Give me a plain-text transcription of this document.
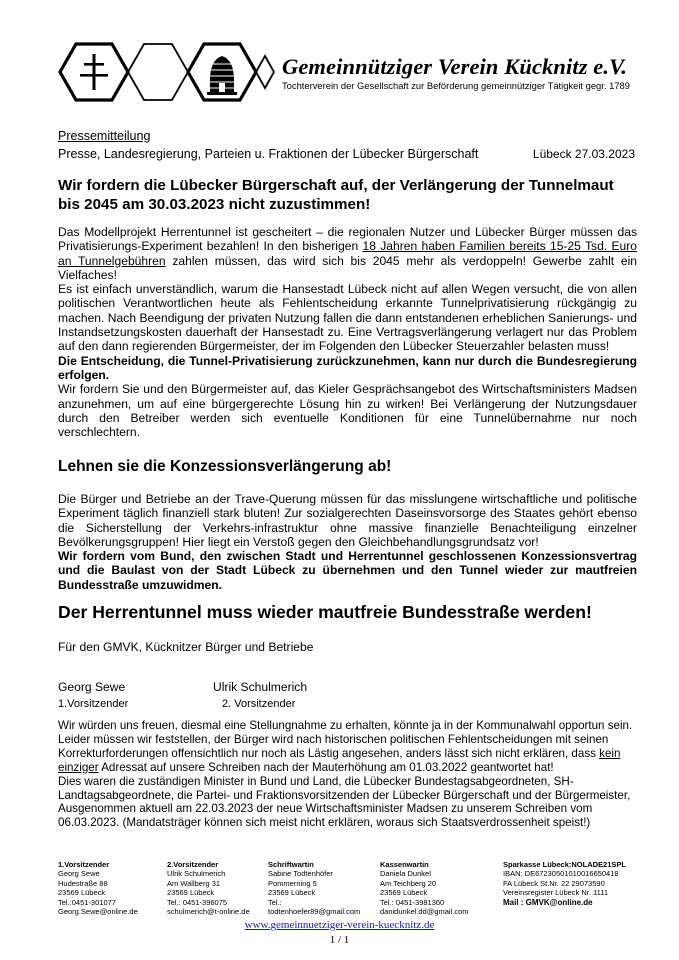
Gemeinnütziger Verein Kücknitz e.V.
Tochterverein der Gesellschaft zur Beförderung gemeinnütziger Tätigkeit gegr. 1789
Pressemitteilung
Presse, Landesregierung, Parteien u. Fraktionen der Lübecker Bürgerschaft	Lübeck 27.03.2023
Wir fordern die Lübecker Bürgerschaft auf, der Verlängerung der Tunnelmaut bis 2045 am 30.03.2023 nicht zuzustimmen!

Das Modellprojekt Herrentunnel ist gescheitert – die regionalen Nutzer und Lübecker Bürger müssen das Privatisierungs-Experiment bezahlen! In den bisherigen 18 Jahren haben Familien bereits 15-25 Tsd. Euro an Tunnelgebühren zahlen müssen, das wird sich bis 2045 mehr als verdoppeln! Gewerbe zahlt ein Vielfaches!

Es ist einfach unverständlich, warum die Hansestadt Lübeck nicht auf allen Wegen versucht, die von allen politischen Verantwortlichen heute als Fehlentscheidung erkannte Tunnelprivatisierung rückgängig zu machen. Nach Beendigung der privaten Nutzung fallen die dann entstandenen erheblichen Sanierungs- und Instandsetzungskosten dauerhaft der Hansestadt zu. Eine Vertragsverlängerung verlagert nur das Problem auf den dann regierenden Bürgermeister, der im Folgenden den Lübecker Steuerzahler belasten muss!

Die Entscheidung, die Tunnel-Privatisierung zurückzunehmen, kann nur durch die Bundesregierung erfolgen.

Wir fordern Sie und den Bürgermeister auf, das Kieler Gesprächsangebot des Wirtschaftsministers Madsen anzunehmen, um auf eine bürgergerechte Lösung hin zu wirken! Bei Verlängerung der Nutzungsdauer durch den Betreiber werden sich eventuelle Konditionen für eine Tunnelübernahme nur noch verschlechtern.

Lehnen sie die Konzessionsverlängerung ab!

Die Bürger und Betriebe an der Trave-Querung müssen für das misslungene wirtschaftliche und politische Experiment täglich finanziell stark bluten! Zur sozialgerechten Daseinsvorsorge des Staates gehört ebenso die Sicherstellung der Verkehrs-infrastruktur ohne massive finanzielle Benachteiligung einzelner Bevölkerungsgruppen! Hier liegt ein Verstoß gegen den Gleichbehandlungsgrundsatz vor!

Wir fordern vom Bund, den zwischen Stadt und Herrentunnel geschlossenen Konzessionsvertrag und die Baulast von der Stadt Lübeck zu übernehmen und den Tunnel wieder zur mautfreien Bundesstraße umzuwidmen.

Der Herrentunnel muss wieder mautfreie Bundesstraße werden!
Für den GMVK, Kücknitzer Bürger und Betriebe
Georg Sewe
1.Vorsitzender
Ulrik Schulmerich
2. Vorsitzender
Wir würden uns freuen, diesmal eine Stellungnahme zu erhalten, könnte ja in der Kommunalwahl opportun sein. Leider müssen wir feststellen, der Bürger wird nach historischen politischen Fehlentscheidungen mit seinen Korrekturforderungen offensichtlich nur noch als Lästig angesehen, anders lässt sich nicht erklären, dass kein einziger Adressat auf unsere Schreiben nach der Mauterhöhung am 01.03.2022 geantwortet hat!
Dies waren die zuständigen Minister in Bund und Land, die Lübecker Bundestagsabgeordneten, SH-Landtagsabgeordnete, die Partei- und Fraktionsvorsitzenden der Lübecker Bürgerschaft und der Bürgermeister, Ausgenommen aktuell am 22.03.2023 der neue Wirtschaftsminister Madsen zu unserem Schreiben vom 06.03.2023. (Mandatsträger können sich meist nicht erklären, woraus sich Staatsverdrossenheit speist!)
1.Vorsitzender
Georg Sewe
Hudestraße 88
23569 Lübeck
Tel.:0451-301077
Georg.Sewe@online.de
2.Vorsitzender
Ulrik Schulmerich
Am Wallberg 31
23569 Lübeck
Tel.: 0451-396075
schulmerich@t-online.de
Schriftwartin
Sabine Todtenhöfer
Pommerning 5
23569 Lübeck
Tel.:
todtenhoefer89@gmail.com
Kassenwartin
Daniela Dunkel
Am Teichberg 20
23569 Lübeck
Tel.: 0451-3981360
danidunkel.dd@gmail.com
Sparkasse Lübeck:NOLADE21SPL
IBAN: DE67230501010016650418
FA Lübeck St.Nr. 22 29073590
Vereinsregister Lübeck Nr. 1111
Mail : GMVK@online.de
www.gemeinnuetziger-verein-kuecknitz.de
1 / 1
